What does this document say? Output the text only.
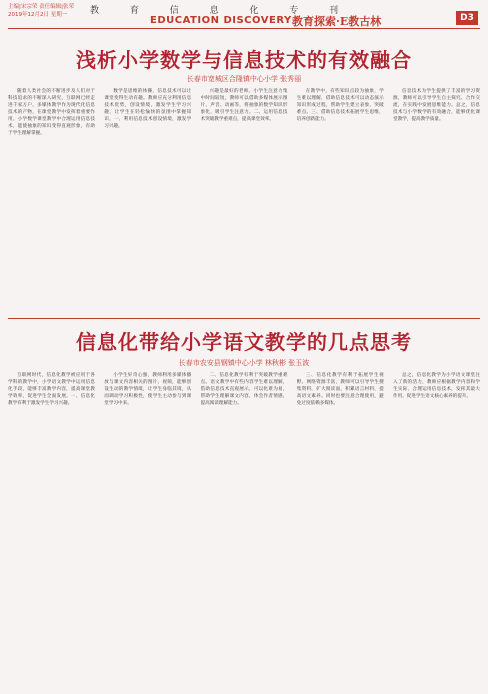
主编|宋宗荣 责任编辑|张荣
2019年12月2日 星期一	教 育 信 息 化 专 刊
EDUCATION DISCOVERY 教育探索·E教古林	D3
浅析小学数学与信息技术的有效融合
长春市宽城区合隆镇中心小学 张秀丽
随着人类社会的不断进步及人们对于科技追求的不断深入研究，互联网已经走进千家万户，多媒体教学作为现代化信息技术的产物，在课堂教学中发挥着重要作用。小学数学课堂教学中合理运用信息技术，能使抽象的知识变得直观形象，有助于学生理解掌握。
数学是思维的体操，信息技术可以让课堂变得生动有趣。教师应充分利用信息技术优势，创设情境，激发学生学习兴趣，让学生在轻松愉快的氛围中掌握知识。一、利用信息技术创设情境，激发学习兴趣。
兴趣是最好的老师。小学生注意力集中时间较短，教师可以借助多媒体展示图片、声音、动画等，将抽象的数学知识形象化，吸引学生注意力。二、运用信息技术突破教学重难点，提高课堂效率。
在教学中，有些知识点较为抽象，学生难以理解，借助信息技术可以动态演示知识形成过程，帮助学生建立表象，突破难点。三、借助信息技术拓展学生思维，培养创新能力。
信息技术为学生提供了丰富的学习资源，教师可以引导学生自主探究、合作交流，在实践中发展思维能力。总之，信息技术与小学数学的有效融合，能够优化课堂教学，提高教学质量。
信息化带给小学语文教学的几点思考
长春市农安县钢镇中心小学 林秋彬 张玉波
互联网时代，信息化教学被应用于各学科的教学中，小学语文教学中运用信息化手段，能够丰富教学内容，提高课堂教学效率，促进学生全面发展。一、信息化教学有利于激发学生学习兴趣。
小学生好奇心强，教师利用多媒体播放与课文内容相关的图片、视频，能够创设生动的教学情境，让学生身临其境，从而调动学习积极性，使学生主动参与到课堂学习中来。
二、信息化教学有利于突破教学重难点。语文教学中有些内容学生难以理解，借助信息技术直观展示，可以化难为易，帮助学生理解课文内容，体会作者情感，提高阅读理解能力。
三、信息化教学有利于拓展学生视野。网络资源丰富，教师可以引导学生搜集资料，扩大阅读面，积累语言材料，提高语文素养。同时也要注意合理使用，避免过度依赖多媒体。
总之，信息化教学为小学语文课堂注入了新的活力，教师应根据教学内容和学生实际，合理运用信息技术，发挥其最大作用，促进学生语文核心素养的提升。
